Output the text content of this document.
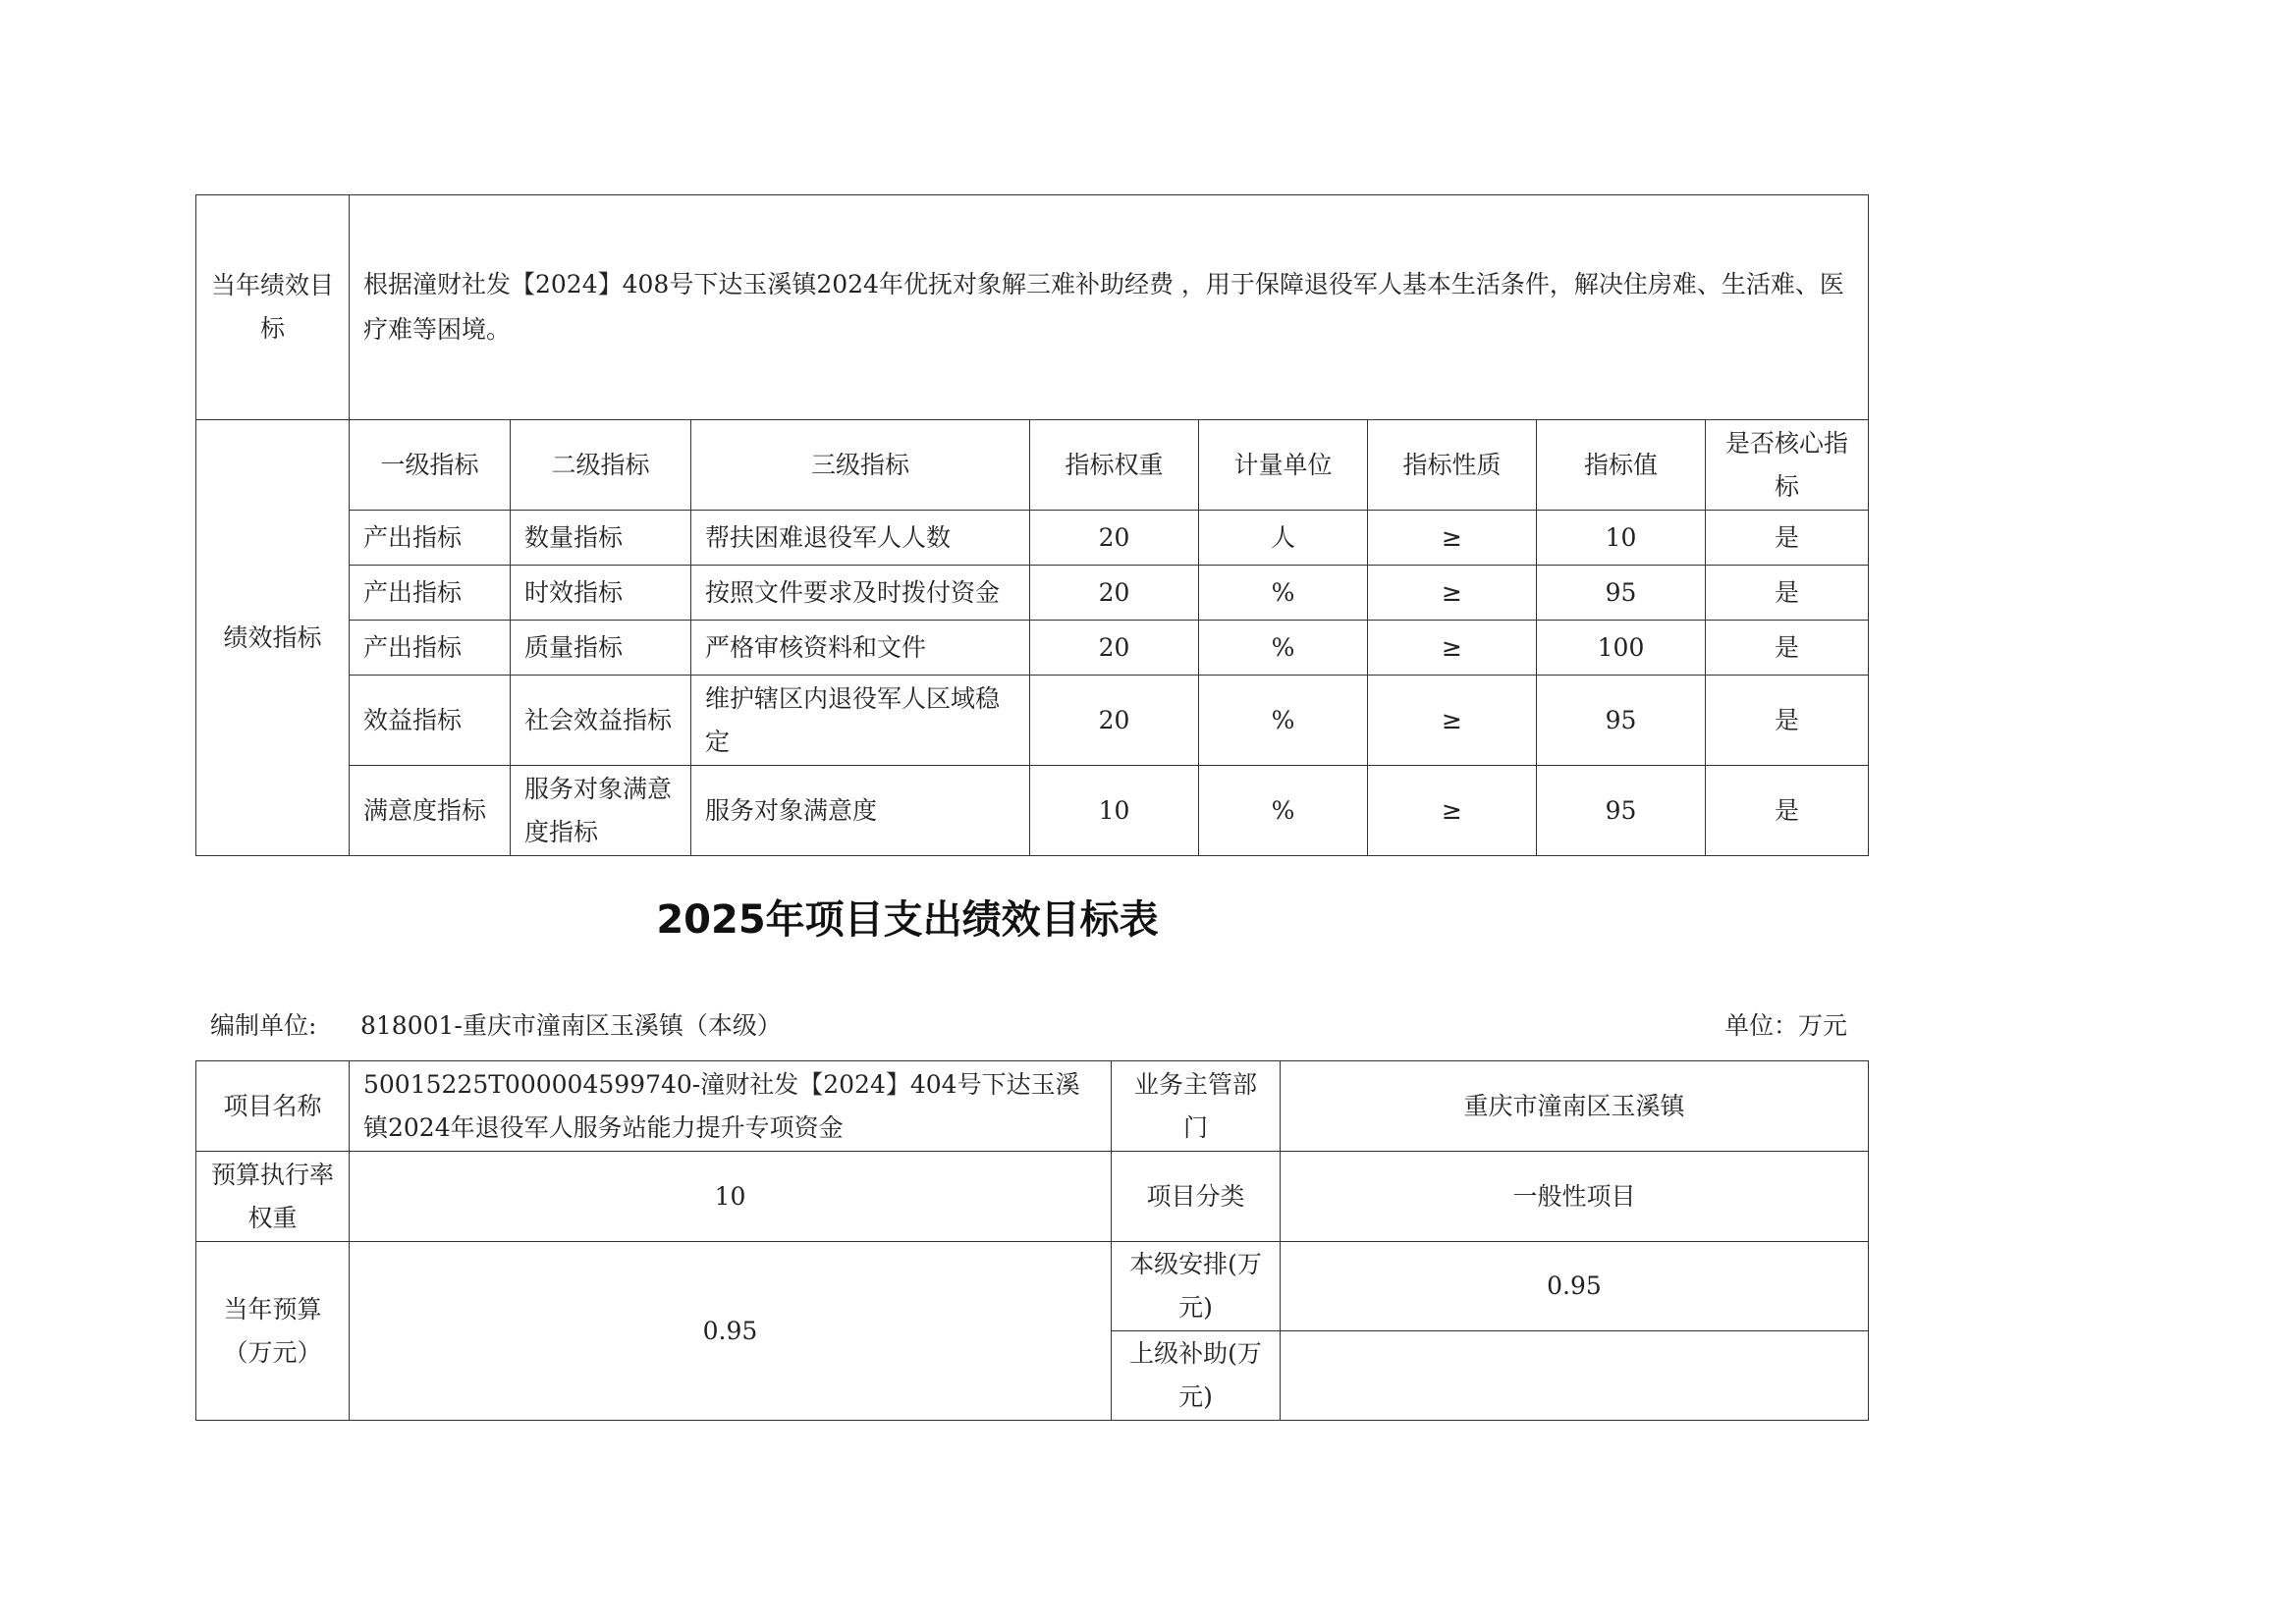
当年绩效目标	根据潼财社发【2024】408号下达玉溪镇2024年优抚对象解三难补助经费 ，用于保障退役军人基本生活条件，解决住房难、生活难、医疗难等困境。							
绩效指标	一级指标	二级指标	三级指标	指标权重	计量单位	指标性质	指标值	是否核心指标
	产出指标	数量指标	帮扶困难退役军人人数	20	人	≥	10	是
	产出指标	时效指标	按照文件要求及时拨付资金	20	%	≥	95	是
	产出指标	质量指标	严格审核资料和文件	20	%	≥	100	是
	效益指标	社会效益指标	维护辖区内退役军人区域稳定	20	%	≥	95	是
	满意度指标	服务对象满意度指标	服务对象满意度	10	%	≥	95	是
2025年项目支出绩效目标表
编制单位: 818001-重庆市潼南区玉溪镇（本级）	单位：万元
项目名称	50015225T000004599740-潼财社发【2024】404号下达玉溪镇2024年退役军人服务站能力提升专项资金	业务主管部门	重庆市潼南区玉溪镇
预算执行率权重	10	项目分类	一般性项目
当年预算（万元）	0.95	本级安排(万元)	0.95
		上级补助(万元)	
